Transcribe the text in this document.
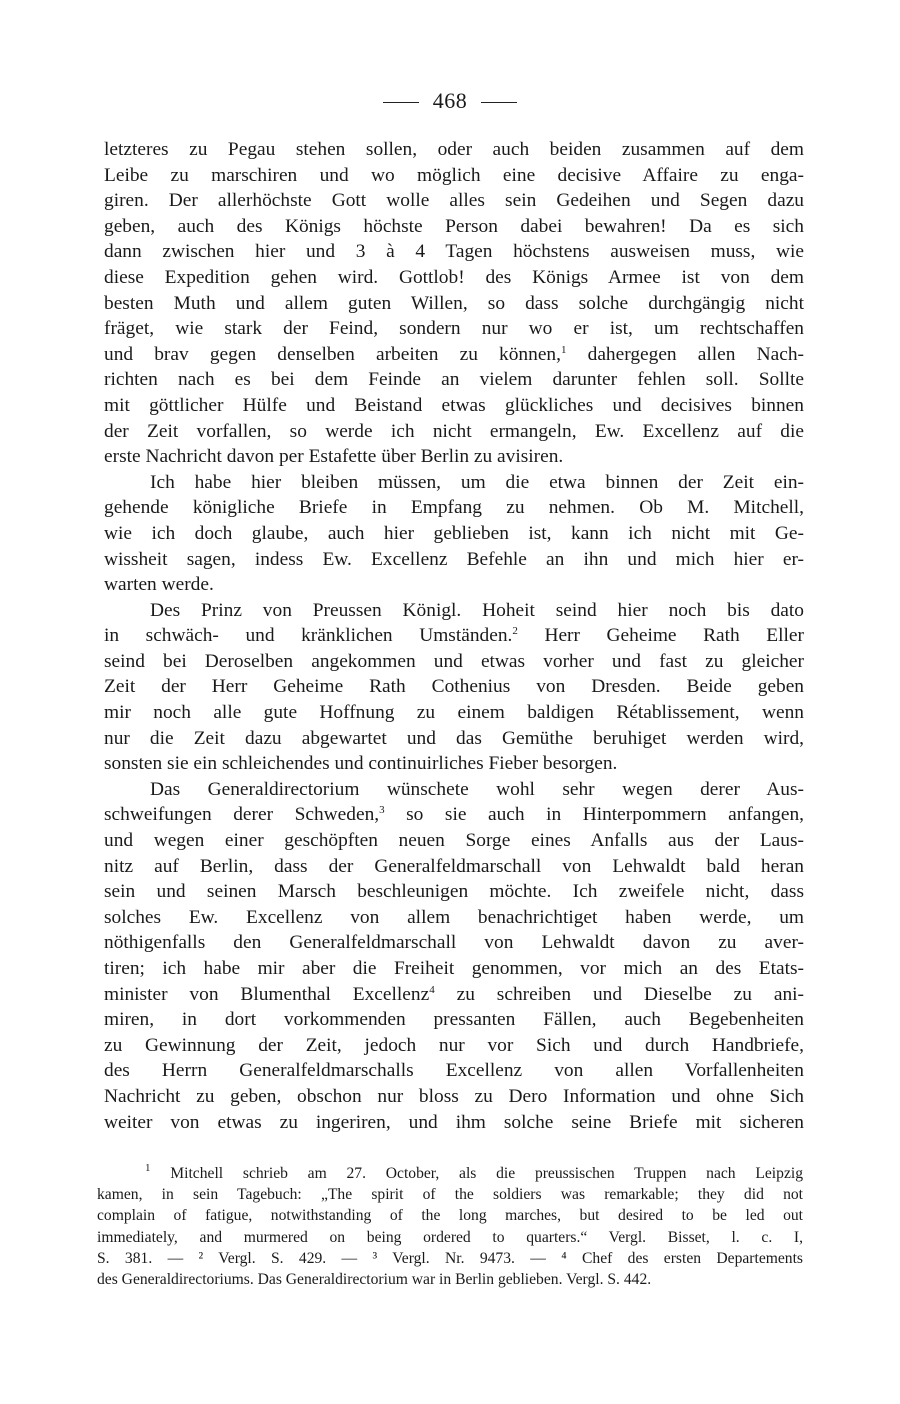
468
letzteres zu Pegau stehen sollen, oder auch beiden zusammen auf dem
Leibe zu marschiren und wo möglich eine decisive Affaire zu enga-
giren. Der allerhöchste Gott wolle alles sein Gedeihen und Segen dazu
geben, auch des Königs höchste Person dabei bewahren! Da es sich
dann zwischen hier und 3 à 4 Tagen höchstens ausweisen muss, wie
diese Expedition gehen wird. Gottlob! des Königs Armee ist von dem
besten Muth und allem guten Willen, so dass solche durchgängig nicht
fräget, wie stark der Feind, sondern nur wo er ist, um rechtschaffen
und brav gegen denselben arbeiten zu können,$^1$ dahergegen allen Nach-
richten nach es bei dem Feinde an vielem darunter fehlen soll. Sollte
mit göttlicher Hülfe und Beistand etwas glückliches und decisives binnen
der Zeit vorfallen, so werde ich nicht ermangeln, Ew. Excellenz auf die
erste Nachricht davon per Estafette über Berlin zu avisiren.
Ich habe hier bleiben müssen, um die etwa binnen der Zeit ein-
gehende königliche Briefe in Empfang zu nehmen. Ob M. Mitchell,
wie ich doch glaube, auch hier geblieben ist, kann ich nicht mit Ge-
wissheit sagen, indess Ew. Excellenz Befehle an ihn und mich hier er-
warten werde.
Des Prinz von Preussen Königl. Hoheit seind hier noch bis dato
in schwäch- und kränklichen Umständen.$^2$ Herr Geheime Rath Eller
seind bei Deroselben angekommen und etwas vorher und fast zu gleicher
Zeit der Herr Geheime Rath Cothenius von Dresden. Beide geben
mir noch alle gute Hoffnung zu einem baldigen Rétablissement, wenn
nur die Zeit dazu abgewartet und das Gemüthe beruhiget werden wird,
sonsten sie ein schleichendes und continuirliches Fieber besorgen.
Das Generaldirectorium wünschete wohl sehr wegen derer Aus-
schweifungen derer Schweden,$^3$ so sie auch in Hinterpommern anfangen,
und wegen einer geschöpften neuen Sorge eines Anfalls aus der Laus-
nitz auf Berlin, dass der Generalfeldmarschall von Lehwaldt bald heran
sein und seinen Marsch beschleunigen möchte. Ich zweifele nicht, dass
solches Ew. Excellenz von allem benachrichtiget haben werde, um
nöthigenfalls den Generalfeldmarschall von Lehwaldt davon zu aver-
tiren; ich habe mir aber die Freiheit genommen, vor mich an des Etats-
minister von Blumenthal Excellenz$^4$ zu schreiben und Dieselbe zu ani-
miren, in dort vorkommenden pressanten Fällen, auch Begebenheiten
zu Gewinnung der Zeit, jedoch nur vor Sich und durch Handbriefe,
des Herrn Generalfeldmarschalls Excellenz von allen Vorfallenheiten
Nachricht zu geben, obschon nur bloss zu Dero Information und ohne Sich
weiter von etwas zu ingeriren, und ihm solche seine Briefe mit sicheren
$^1$ Mitchell schrieb am 27. October, als die preussischen Truppen nach Leipzig
kamen, in sein Tagebuch: „The spirit of the soldiers was remarkable; they did not
complain of fatigue, notwithstanding of the long marches, but desired to be led out
immediately, and murmered on being ordered to quarters.“ Vergl. Bisset, l. c. I,
S. 381. — ² Vergl. S. 429. — ³ Vergl. Nr. 9473. — ⁴ Chef des ersten Departements
des Generaldirectoriums. Das Generaldirectorium war in Berlin geblieben. Vergl. S. 442.
